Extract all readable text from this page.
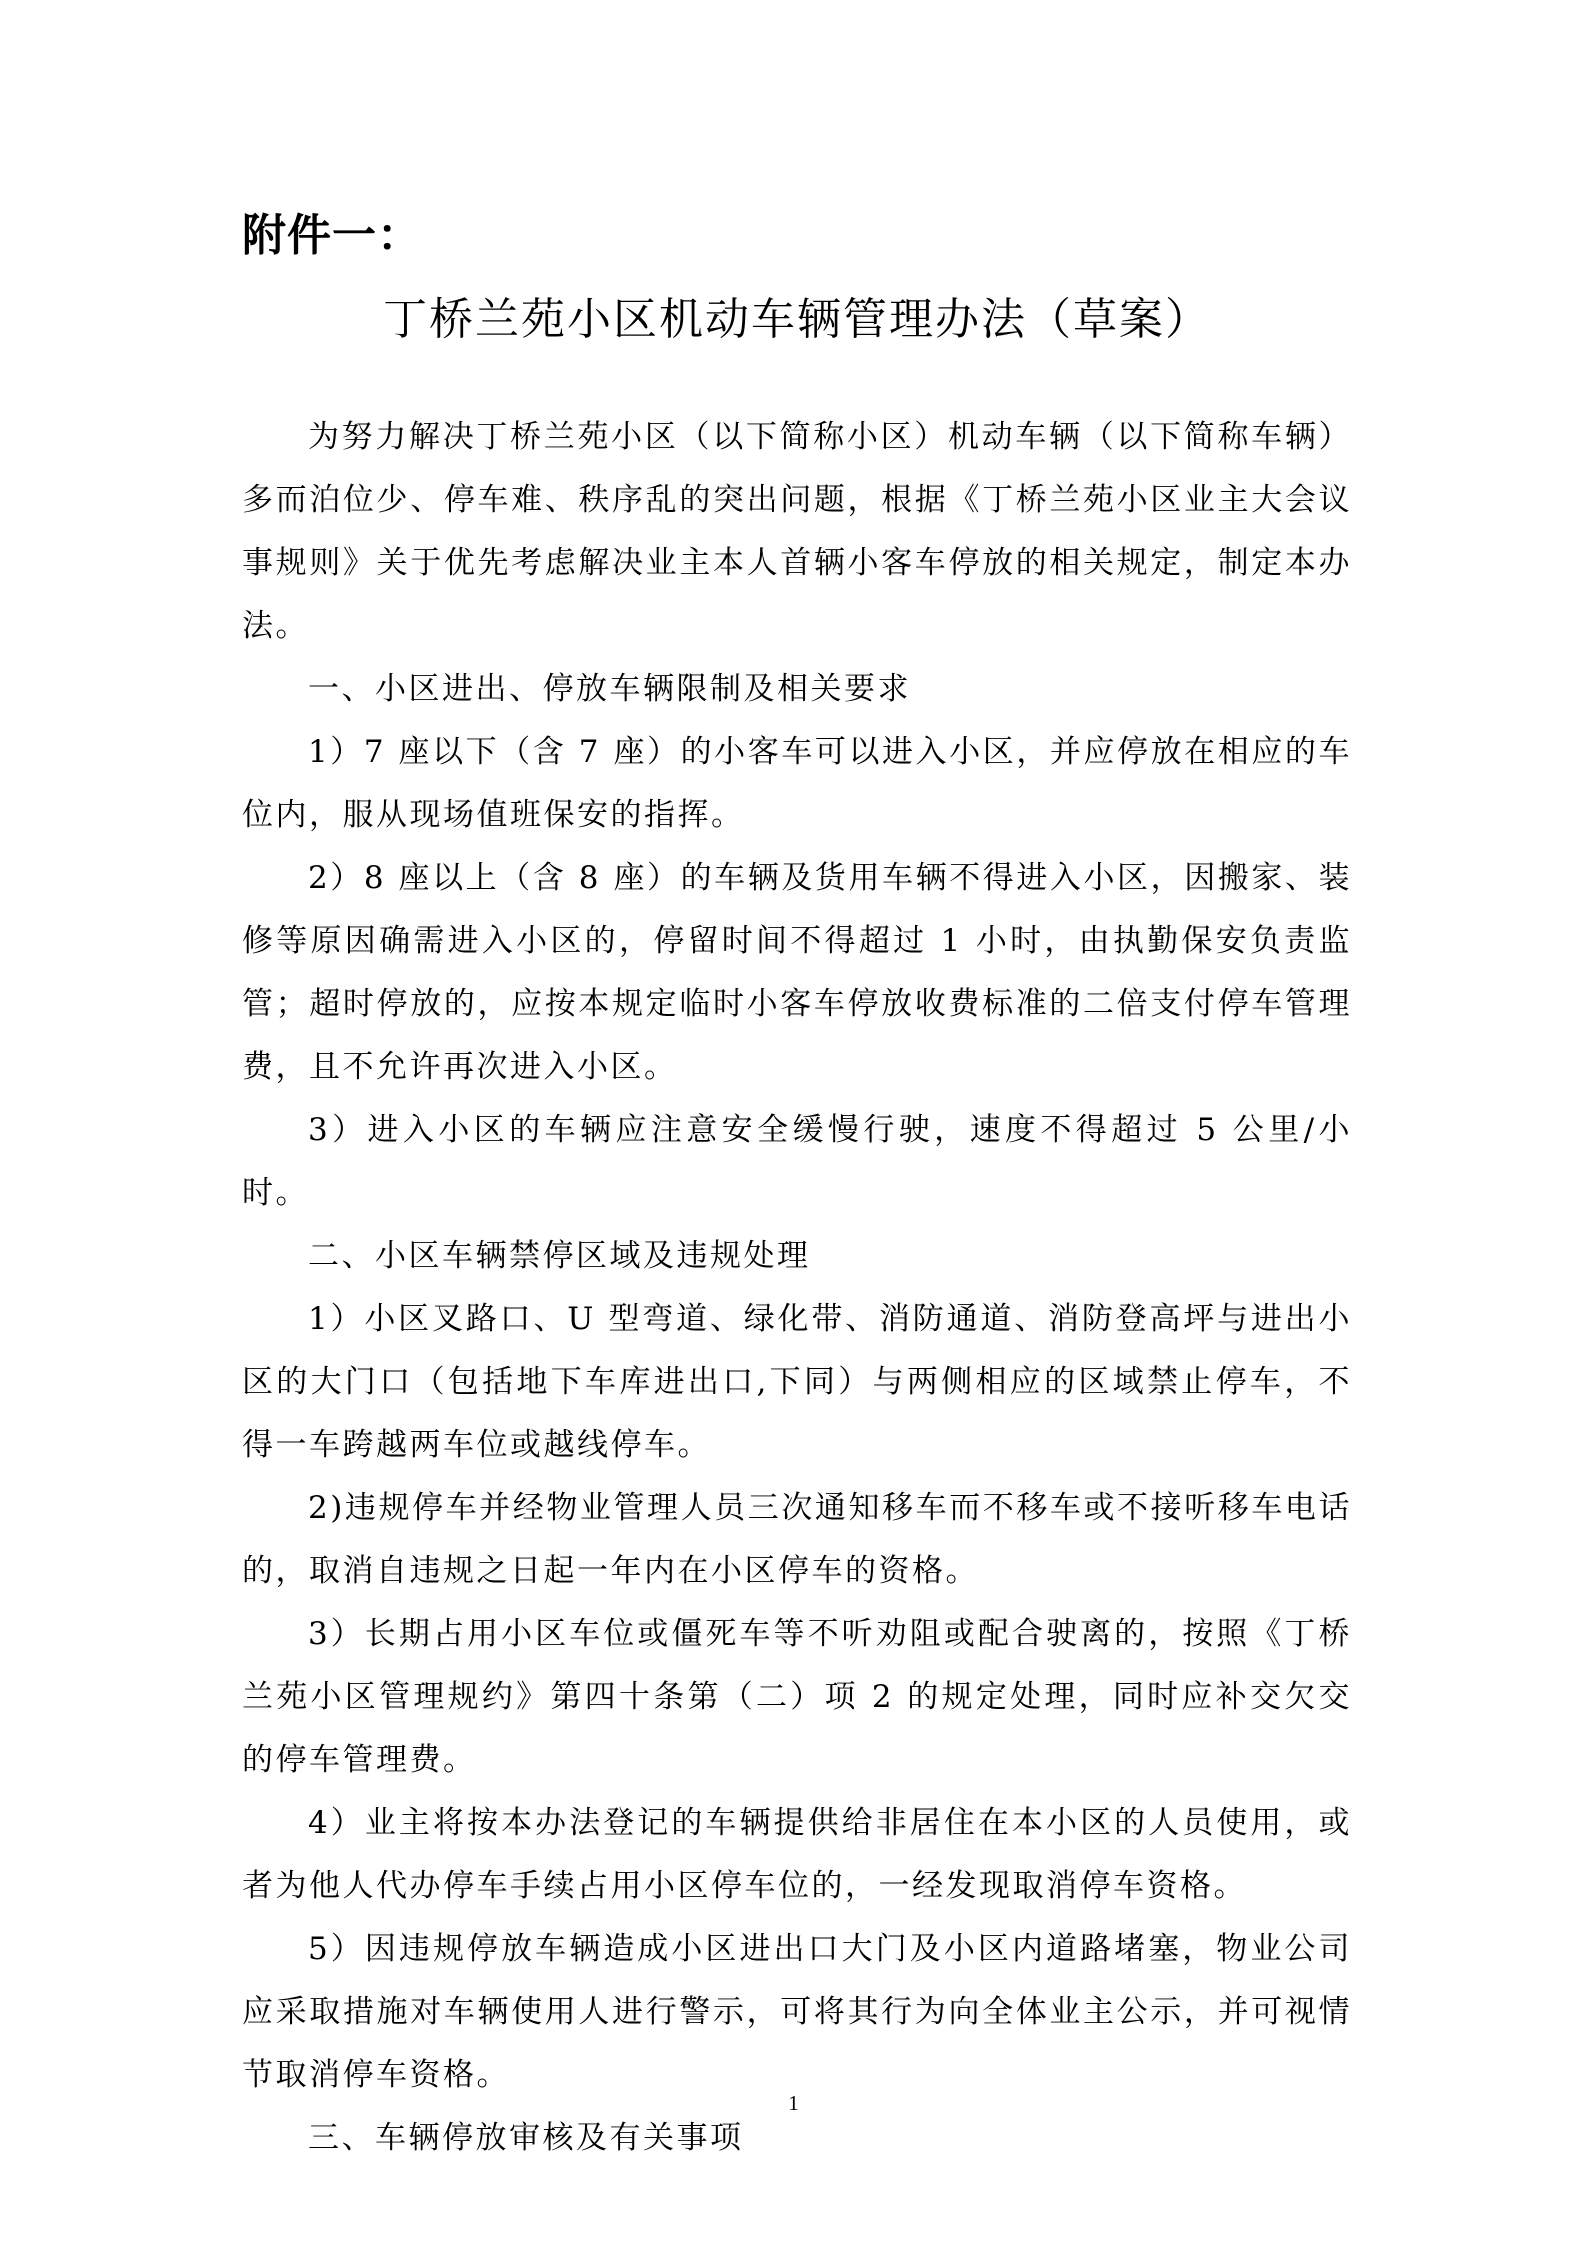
附件一：
丁桥兰苑小区机动车辆管理办法（草案）

为努力解决丁桥兰苑小区（以下简称小区）机动车辆（以下简称车辆）多而泊位少、停车难、秩序乱的突出问题，根据《丁桥兰苑小区业主大会议事规则》关于优先考虑解决业主本人首辆小客车停放的相关规定，制定本办法。

一、小区进出、停放车辆限制及相关要求

1）7 座以下（含 7 座）的小客车可以进入小区，并应停放在相应的车位内，服从现场值班保安的指挥。

2）8 座以上（含 8 座）的车辆及货用车辆不得进入小区，因搬家、装修等原因确需进入小区的，停留时间不得超过 1 小时，由执勤保安负责监管；超时停放的，应按本规定临时小客车停放收费标准的二倍支付停车管理费，且不允许再次进入小区。

3）进入小区的车辆应注意安全缓慢行驶，速度不得超过 5 公里/小时。

二、小区车辆禁停区域及违规处理

1）小区叉路口、U 型弯道、绿化带、消防通道、消防登高坪与进出小区的大门口（包括地下车库进出口,下同）与两侧相应的区域禁止停车，不得一车跨越两车位或越线停车。

2)违规停车并经物业管理人员三次通知移车而不移车或不接听移车电话的，取消自违规之日起一年内在小区停车的资格。

3）长期占用小区车位或僵死车等不听劝阻或配合驶离的，按照《丁桥兰苑小区管理规约》第四十条第（二）项 2 的规定处理，同时应补交欠交的停车管理费。

4）业主将按本办法登记的车辆提供给非居住在本小区的人员使用，或者为他人代办停车手续占用小区停车位的，一经发现取消停车资格。

5）因违规停放车辆造成小区进出口大门及小区内道路堵塞，物业公司应采取措施对车辆使用人进行警示，可将其行为向全体业主公示，并可视情节取消停车资格。

三、车辆停放审核及有关事项

1
